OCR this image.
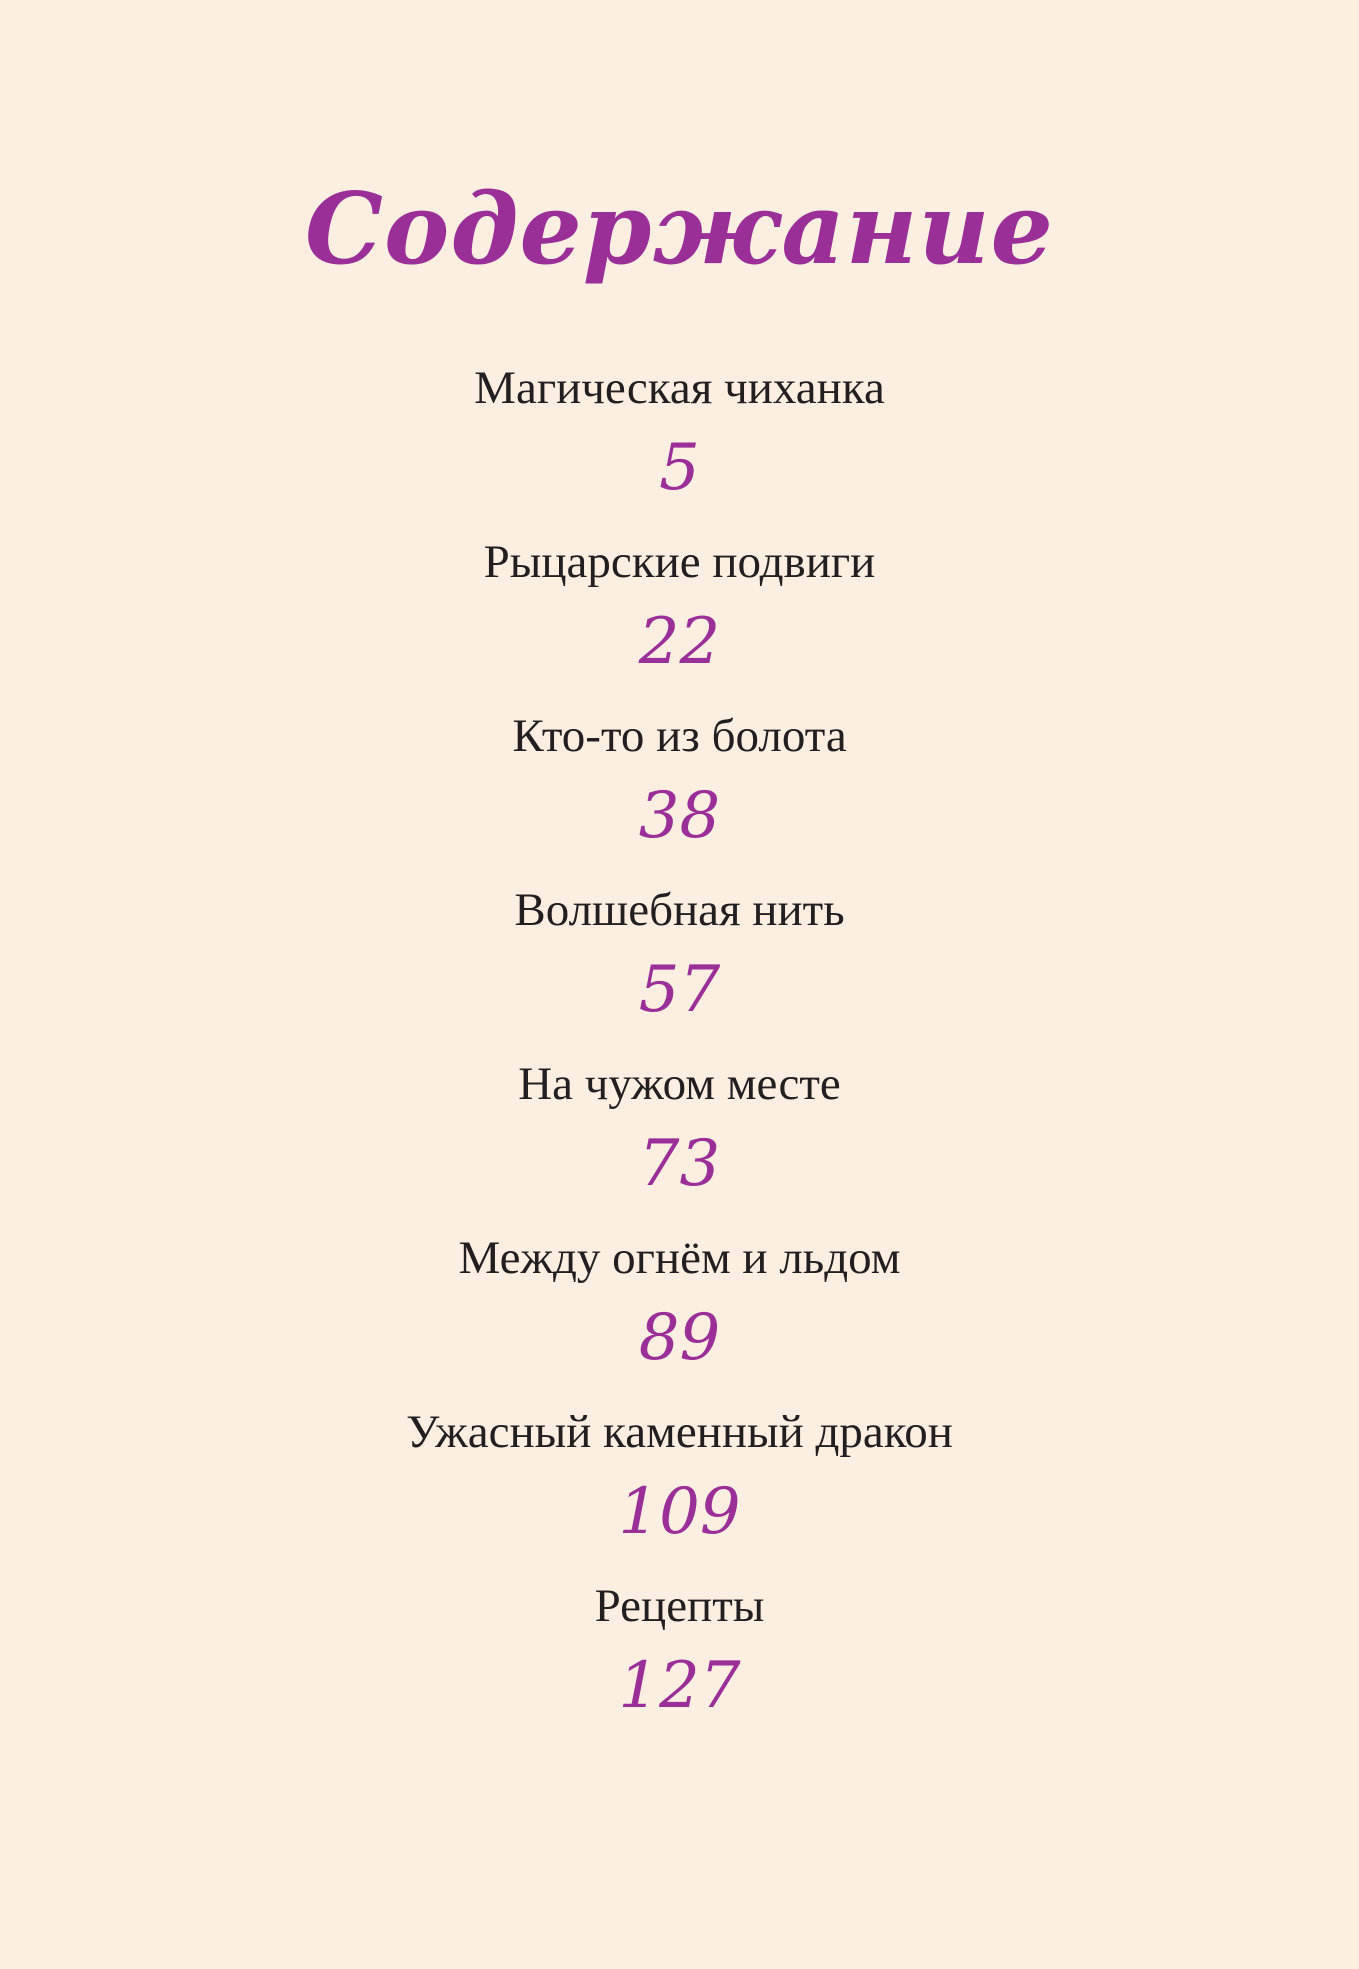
Содержание
Магическая чиханка
5
Рыцарские подвиги
22
Кто-то из болота
38
Волшебная нить
57
На чужом месте
73
Между огнём и льдом
89
Ужасный каменный дракон
109
Рецепты
127
